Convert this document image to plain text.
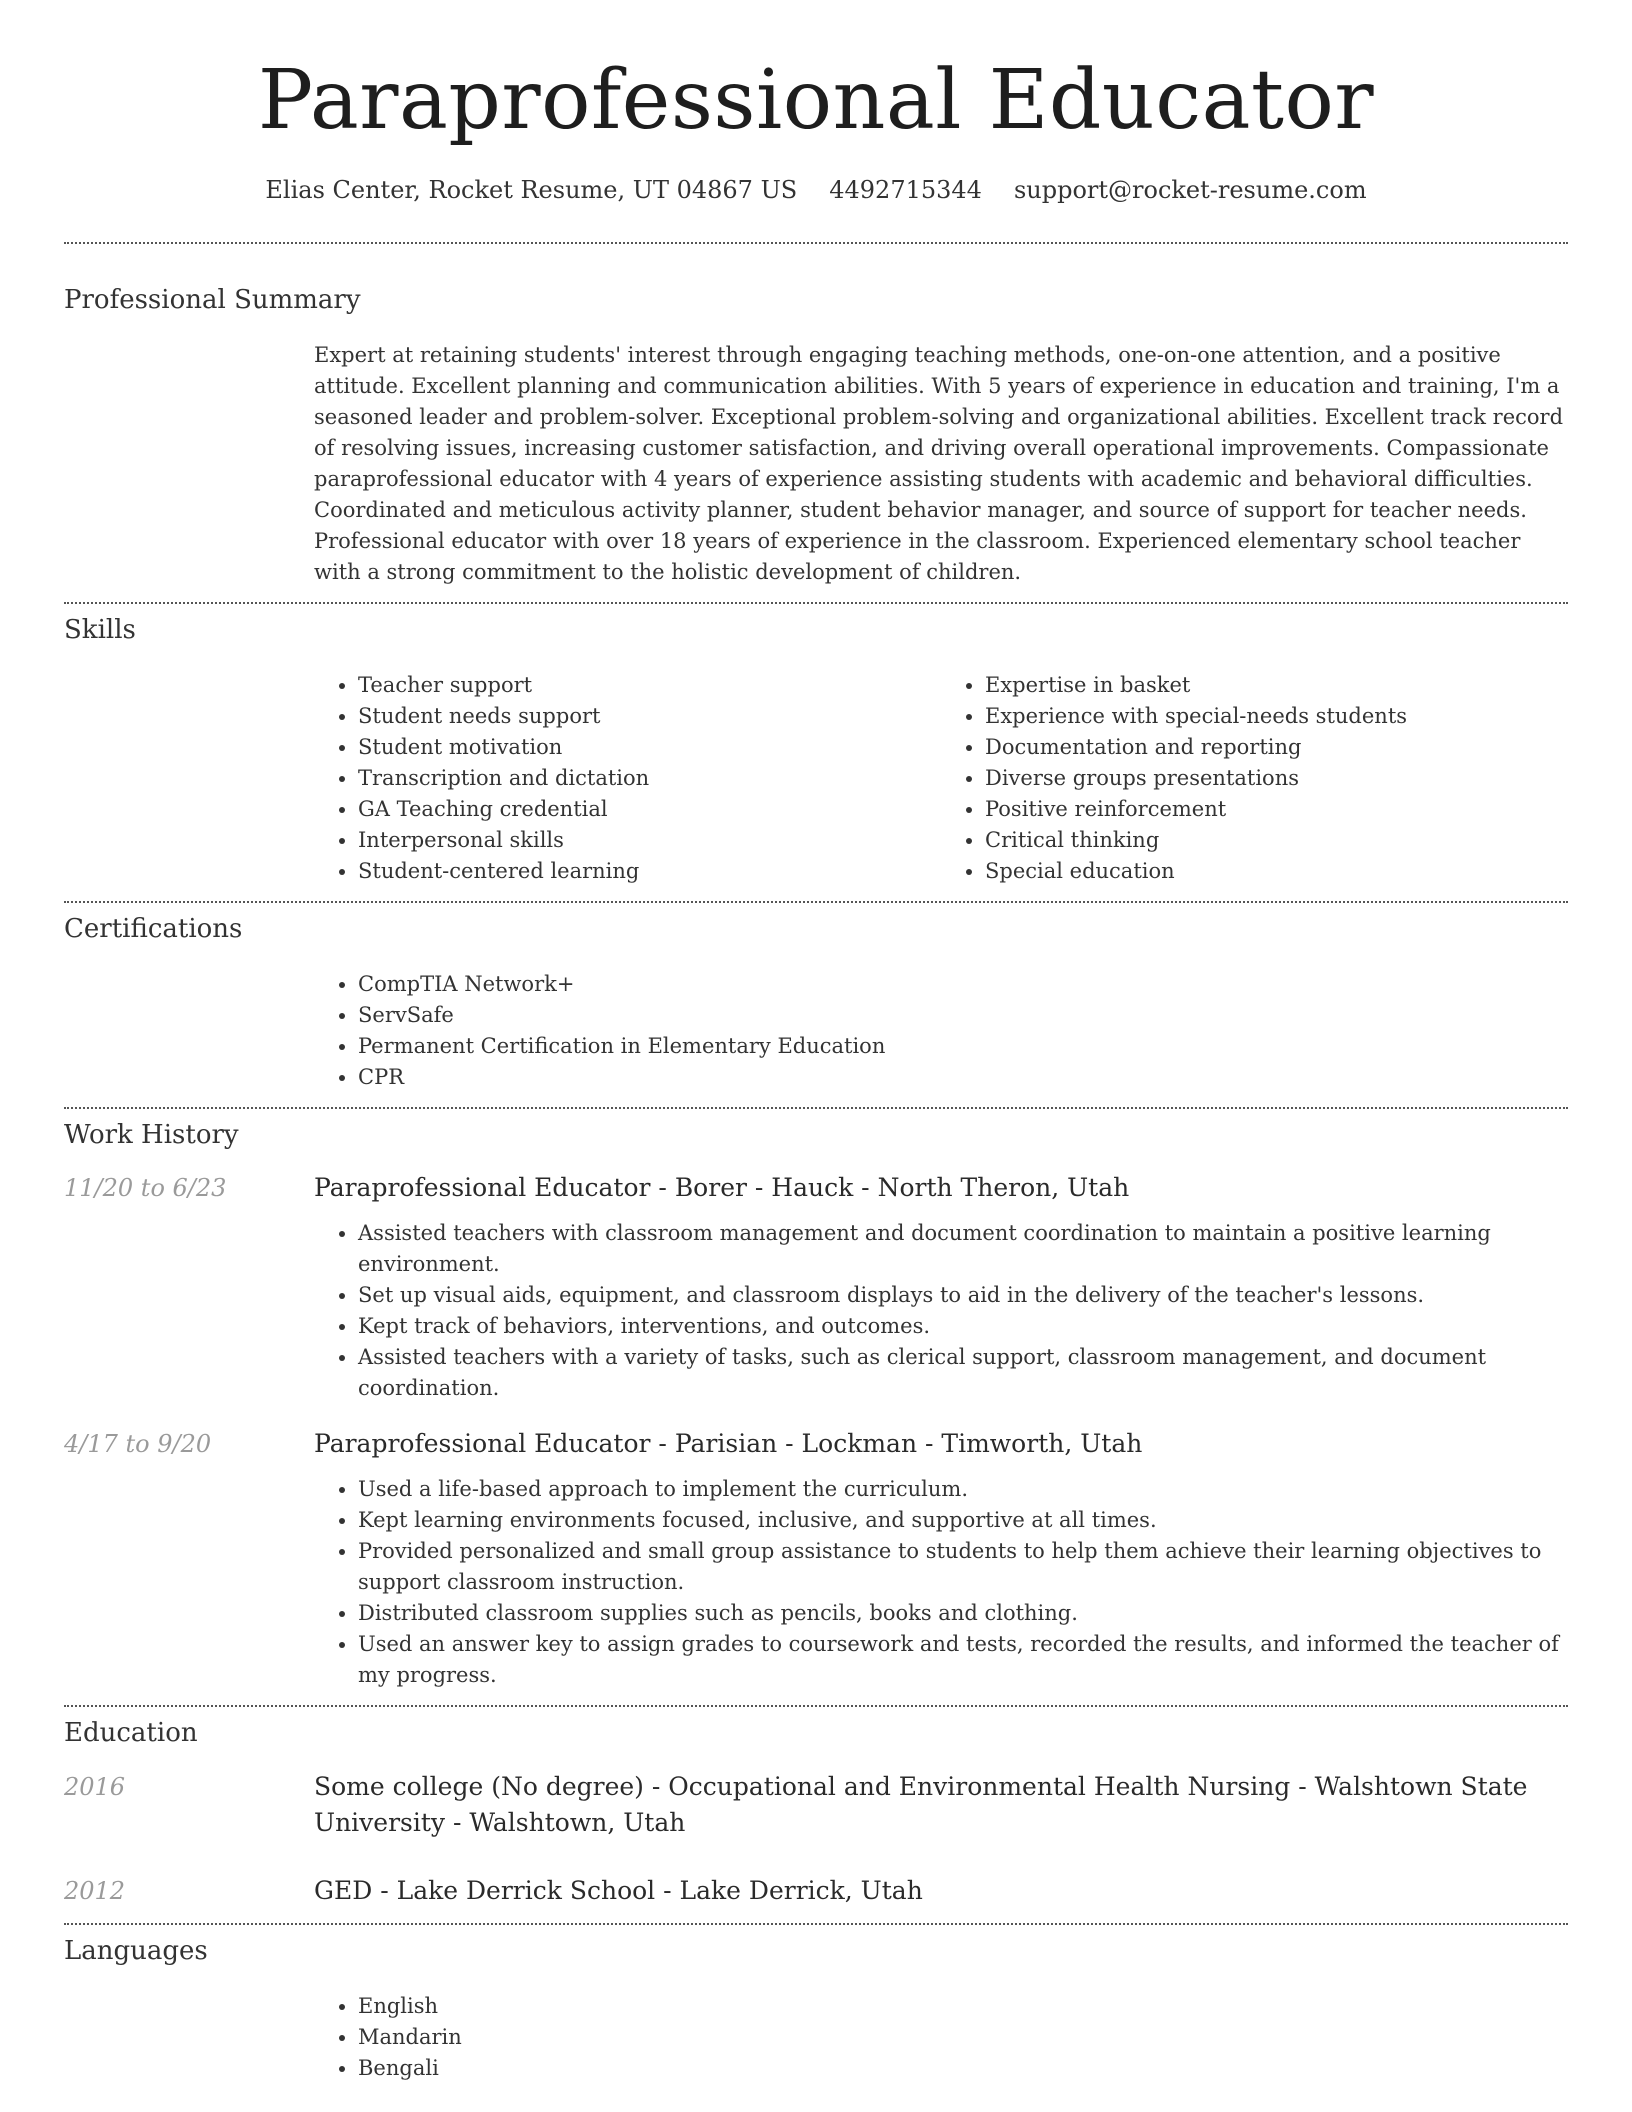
Paraprofessional Educator
Elias Center, Rocket Resume, UT 04867 US 4492715344 support@rocket-resume.com
Professional Summary
Expert at retaining students' interest through engaging teaching methods, one-on-one attention, and a positive attitude. Excellent planning and communication abilities. With 5 years of experience in education and training, I'm a seasoned leader and problem-solver. Exceptional problem-solving and organizational abilities. Excellent track record of resolving issues, increasing customer satisfaction, and driving overall operational improvements. Compassionate paraprofessional educator with 4 years of experience assisting students with academic and behavioral difficulties. Coordinated and meticulous activity planner, student behavior manager, and source of support for teacher needs. Professional educator with over 18 years of experience in the classroom. Experienced elementary school teacher with a strong commitment to the holistic development of children.
Skills
• Teacher support
• Student needs support
• Student motivation
• Transcription and dictation
• GA Teaching credential
• Interpersonal skills
• Student-centered learning
• Expertise in basket
• Experience with special-needs students
• Documentation and reporting
• Diverse groups presentations
• Positive reinforcement
• Critical thinking
• Special education
Certifications
• CompTIA Network+
• ServSafe
• Permanent Certification in Elementary Education
• CPR
Work History
11/20 to 6/23	Paraprofessional Educator - Borer - Hauck - North Theron, Utah
• Assisted teachers with classroom management and document coordination to maintain a positive learning environment.
• Set up visual aids, equipment, and classroom displays to aid in the delivery of the teacher's lessons.
• Kept track of behaviors, interventions, and outcomes.
• Assisted teachers with a variety of tasks, such as clerical support, classroom management, and document coordination.
4/17 to 9/20	Paraprofessional Educator - Parisian - Lockman - Timworth, Utah
• Used a life-based approach to implement the curriculum.
• Kept learning environments focused, inclusive, and supportive at all times.
• Provided personalized and small group assistance to students to help them achieve their learning objectives to support classroom instruction.
• Distributed classroom supplies such as pencils, books and clothing.
• Used an answer key to assign grades to coursework and tests, recorded the results, and informed the teacher of my progress.
Education
2016	Some college (No degree) - Occupational and Environmental Health Nursing - Walshtown State University - Walshtown, Utah
2012	GED - Lake Derrick School - Lake Derrick, Utah
Languages
• English
• Mandarin
• Bengali
